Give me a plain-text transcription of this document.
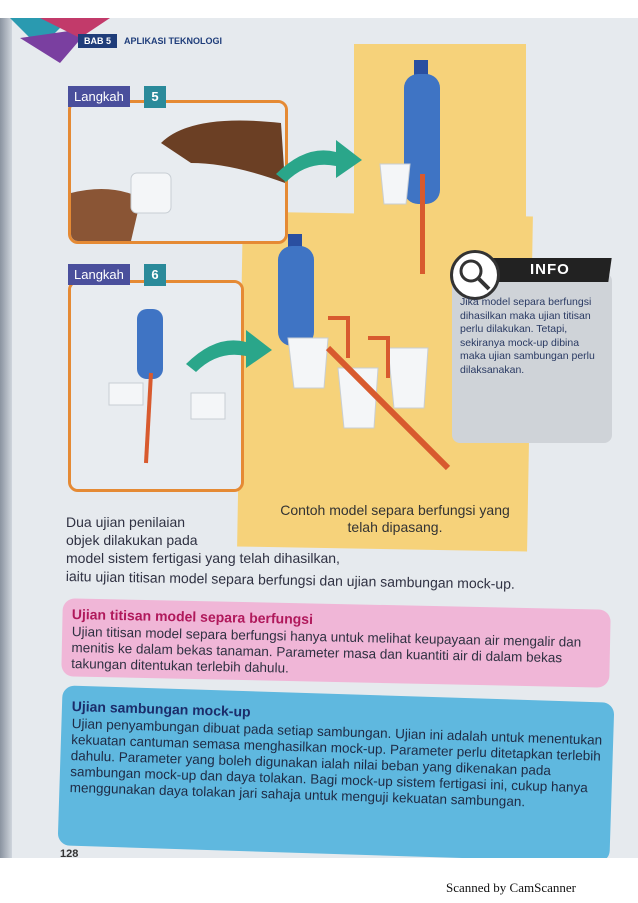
BAB 5	APLIKASI TEKNOLOGI
Langkah	5
Langkah	6	INFO
Jika model separa berfungsi dihasilkan maka ujian titisan perlu dilakukan. Tetapi, sekiranya mock-up dibina maka ujian sambungan perlu dilaksanakan.
Contoh model separa berfungsi yang telah dipasang.
Dua ujian penilaian
objek dilakukan pada
model sistem fertigasi yang telah dihasilkan,
iaitu ujian titisan model separa berfungsi dan ujian sambungan mock-up.
Ujian titisan model separa berfungsi
Ujian titisan model separa berfungsi hanya untuk melihat keupayaan air mengalir dan menitis ke dalam bekas tanaman. Parameter masa dan kuantiti air di dalam bekas takungan ditentukan terlebih dahulu.
Ujian sambungan mock-up
Ujian penyambungan dibuat pada setiap sambungan. Ujian ini adalah untuk menentukan kekuatan cantuman semasa menghasilkan mock-up. Parameter perlu ditetapkan terlebih dahulu. Parameter yang boleh digunakan ialah nilai beban yang dikenakan pada sambungan mock-up dan daya tolakan. Bagi mock-up sistem fertigasi ini, cukup hanya menggunakan daya tolakan jari sahaja untuk menguji kekuatan sambungan.
128
Scanned by CamScanner
